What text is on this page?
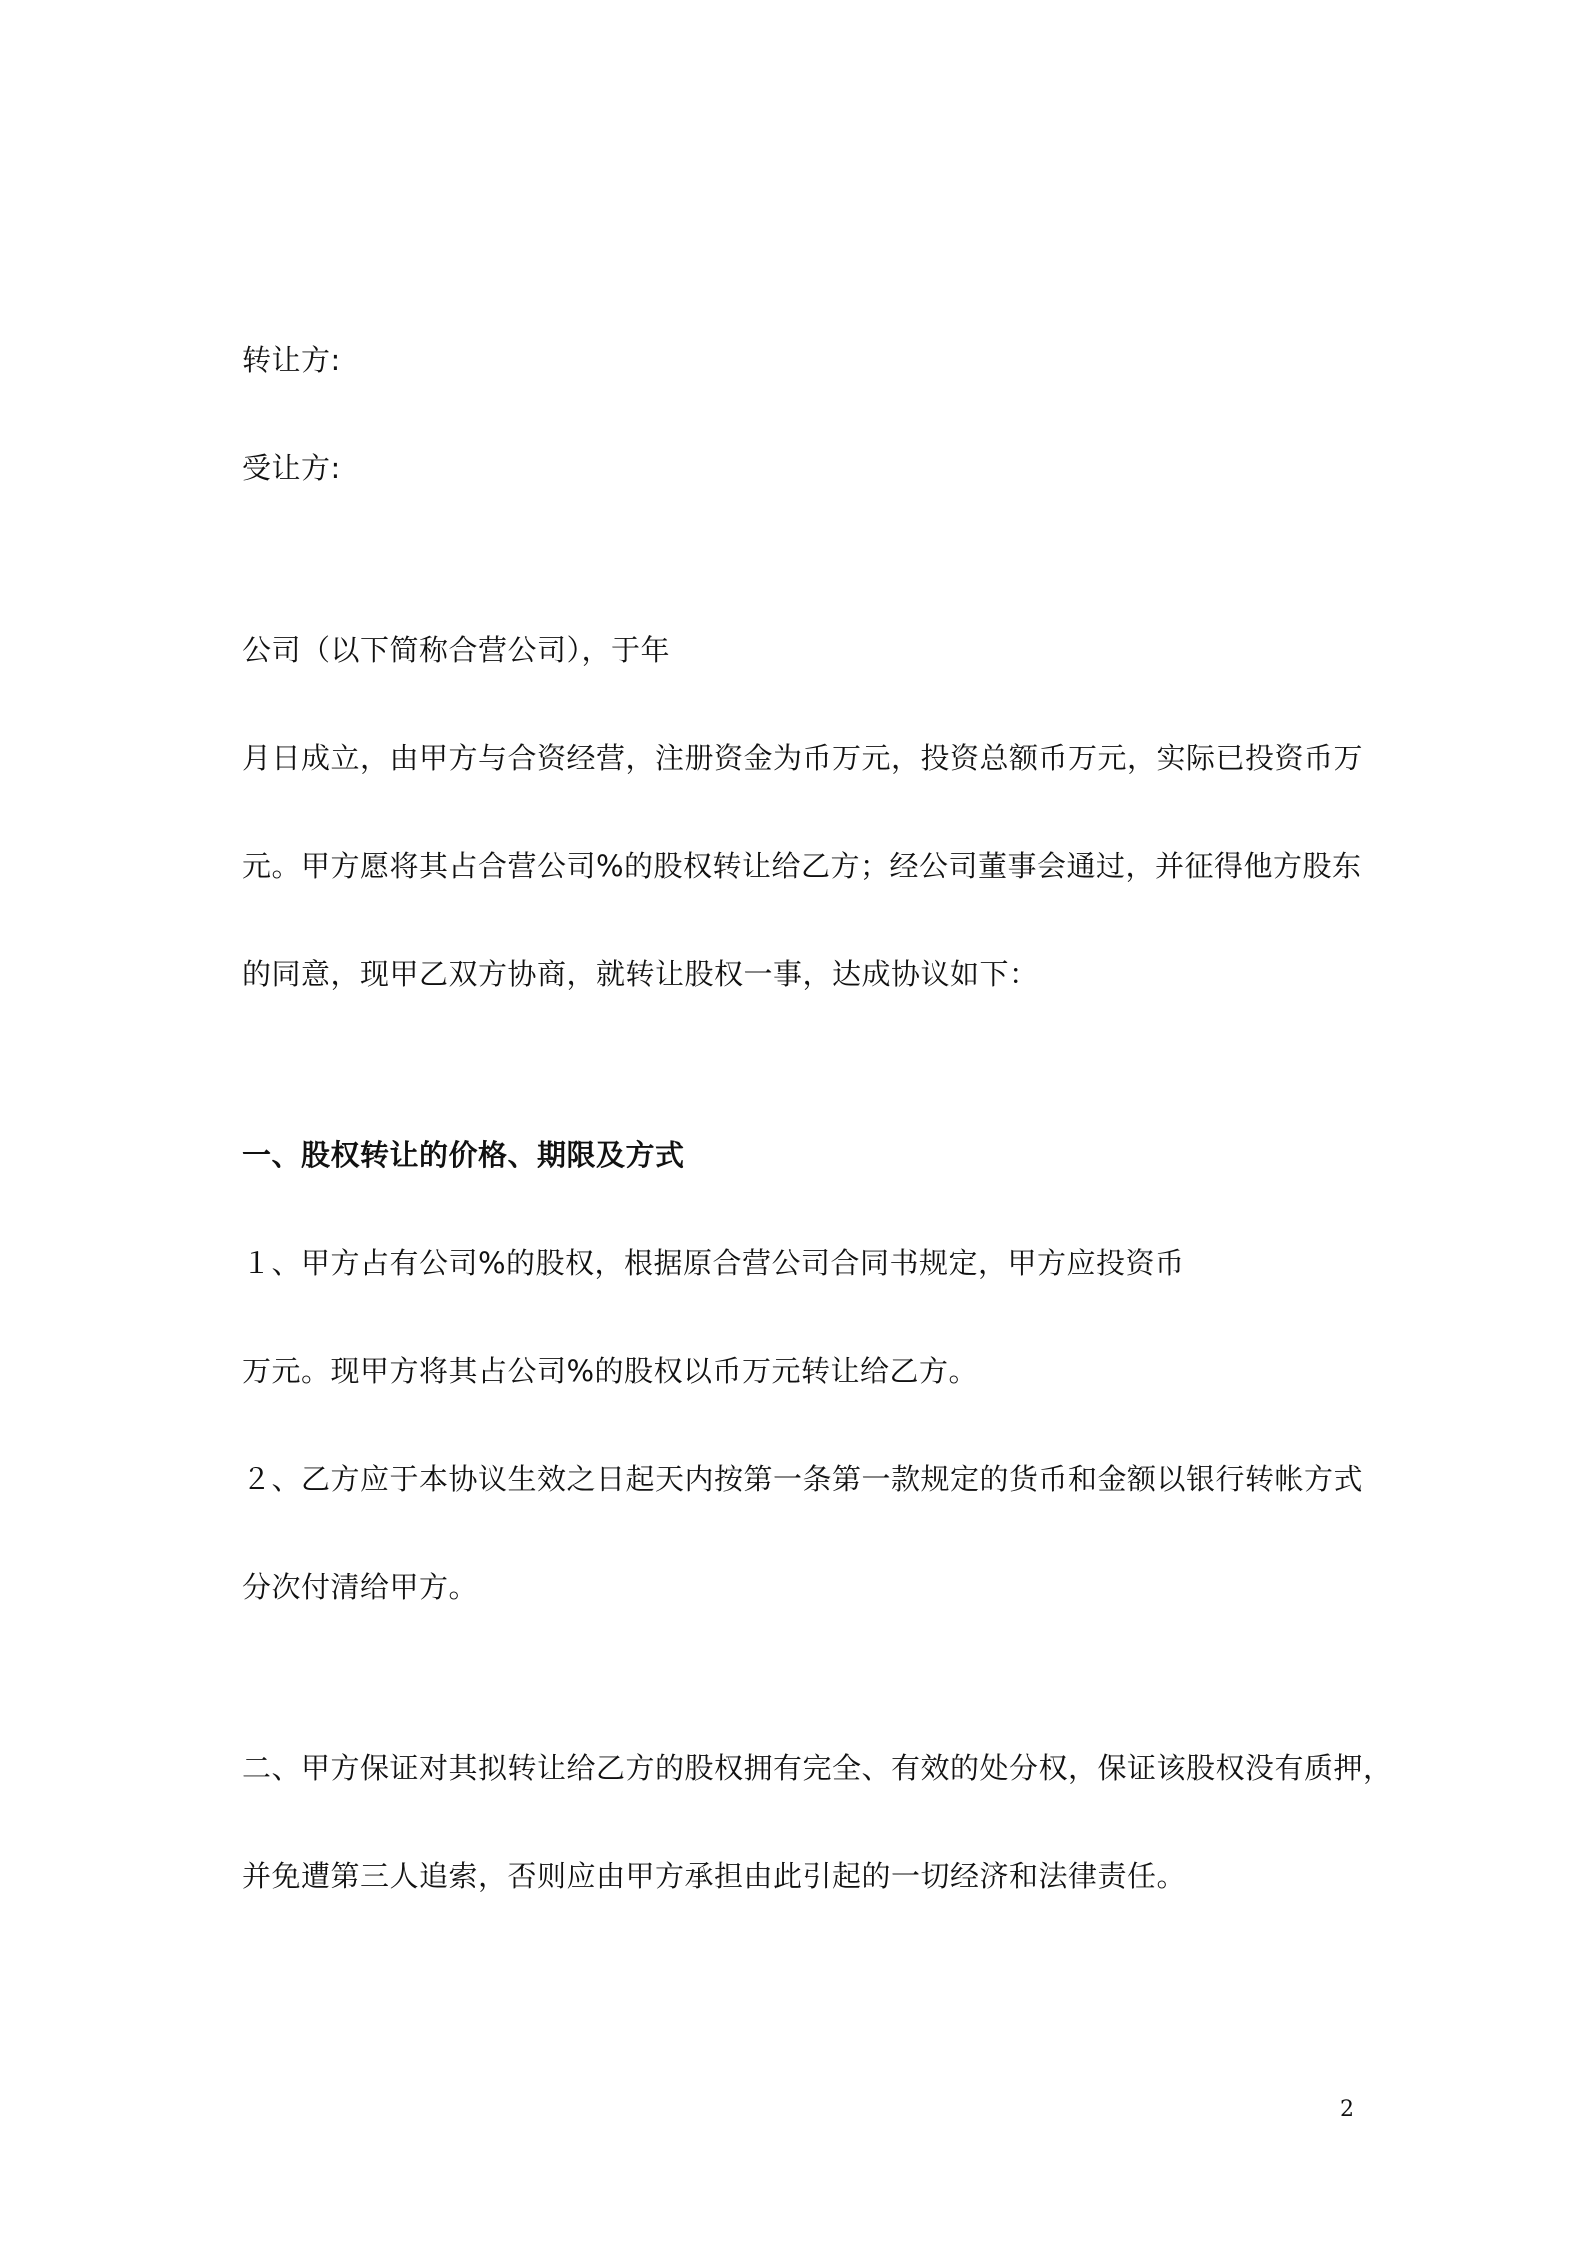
转让方:
受让方:
公司（以下简称合营公司），于年
月日成立，由甲方与合资经营，注册资金为币万元，投资总额币万元，实际已投资币万
元。甲方愿将其占合营公司%的股权转让给乙方；经公司董事会通过，并征得他方股东
的同意，现甲乙双方协商，就转让股权一事，达成协议如下：
一、股权转让的价格、期限及方式
１、甲方占有公司%的股权，根据原合营公司合同书规定，甲方应投资币
万元。现甲方将其占公司%的股权以币万元转让给乙方。
２、乙方应于本协议生效之日起天内按第一条第一款规定的货币和金额以银行转帐方式
分次付清给甲方。
二、甲方保证对其拟转让给乙方的股权拥有完全、有效的处分权，保证该股权没有质押，
并免遭第三人追索，否则应由甲方承担由此引起的一切经济和法律责任。
2
